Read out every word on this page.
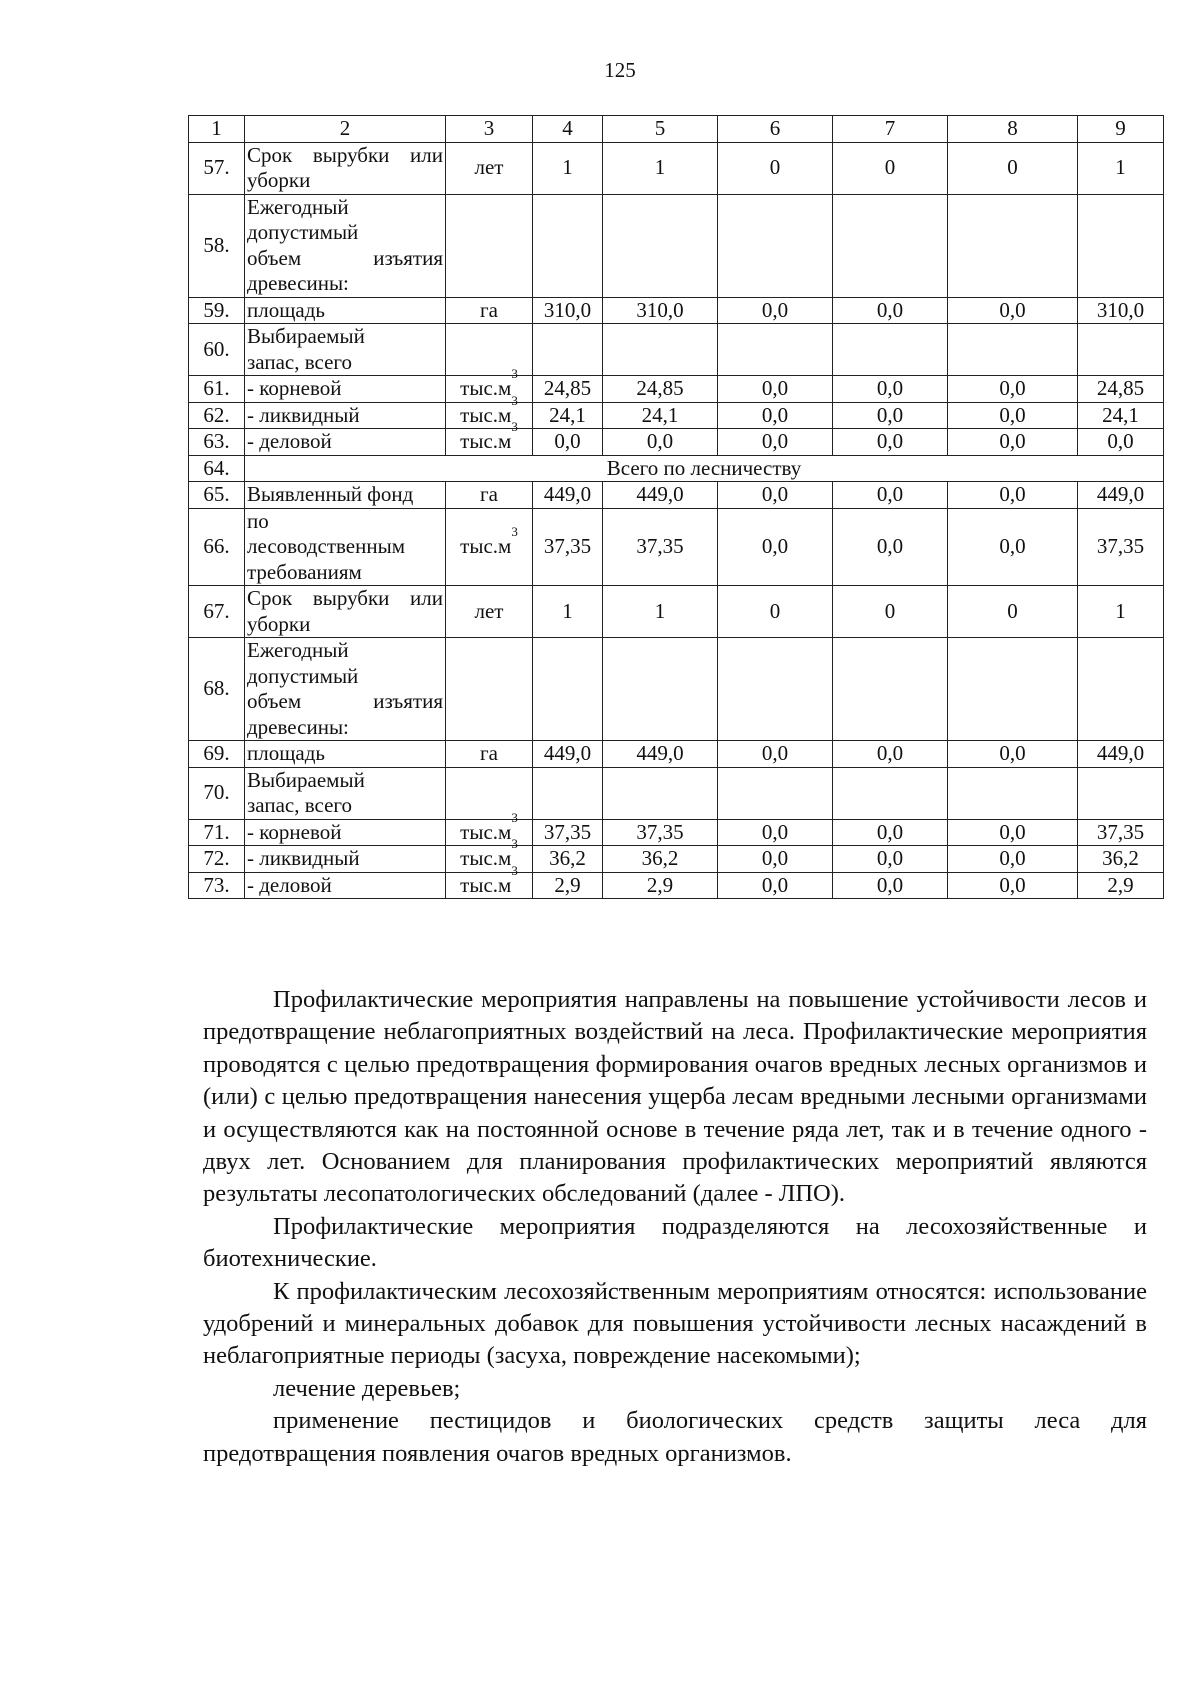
125
1	2	3	4	5	6	7	8	9
57.	Срок вырубки или
уборки	лет	1	1	0	0	0	1
58.	Ежегодный
допустимый
объем изъятия
древесины:							

59.	площадь	га	310,0	310,0	0,0	0,0	0,0	310,0
60.	Выбираемый
запас, всего							

61.	- корневой	$тыс.м^3$	24,85	24,85	0,0	0,0	0,0	24,85
62.	- ликвидный	$тыс.м^3$	24,1	24,1	0,0	0,0	0,0	24,1
63.	- деловой	$тыс.м^3$	0,0	0,0	0,0	0,0	0,0	0,0
64.	Всего по лесничеству							
65.	Выявленный фонд	га	449,0	449,0	0,0	0,0	0,0	449,0
66.	по
лесоводственным
требованиям	$тыс.м^3$	37,35	37,35	0,0	0,0	0,0	37,35
67.	Срок вырубки или
уборки	лет	1	1	0	0	0	1
68.	Ежегодный
допустимый
объем изъятия
древесины:							

69.	площадь	га	449,0	449,0	0,0	0,0	0,0	449,0
70.	Выбираемый
запас, всего							

71.	- корневой	$тыс.м^3$	37,35	37,35	0,0	0,0	0,0	37,35
72.	- ликвидный	$тыс.м^3$	36,2	36,2	0,0	0,0	0,0	36,2
73.	- деловой	$тыс.м^3$	2,9	2,9	0,0	0,0	0,0	2,9

Профилактические мероприятия направлены на повышение устойчивости лесов и предотвращение неблагоприятных воздействий на леса. Профилактические мероприятия проводятся с целью предотвращения формирования очагов вредных лесных организмов и (или) с целью предотвращения нанесения ущерба лесам вредными лесными организмами и осуществляются как на постоянной основе в течение ряда лет, так и в течение одного - двух лет. Основанием для планирования профилактических мероприятий являются результаты лесопатологических обследований (далее - ЛПО).

Профилактические мероприятия подразделяются на лесохозяйственные и биотехнические.

К профилактическим лесохозяйственным мероприятиям относятся: использование удобрений и минеральных добавок для повышения устойчивости лесных насаждений в неблагоприятные периоды (засуха, повреждение насекомыми);

лечение деревьев;

применение пестицидов и биологических средств защиты леса для предотвращения появления очагов вредных организмов.
